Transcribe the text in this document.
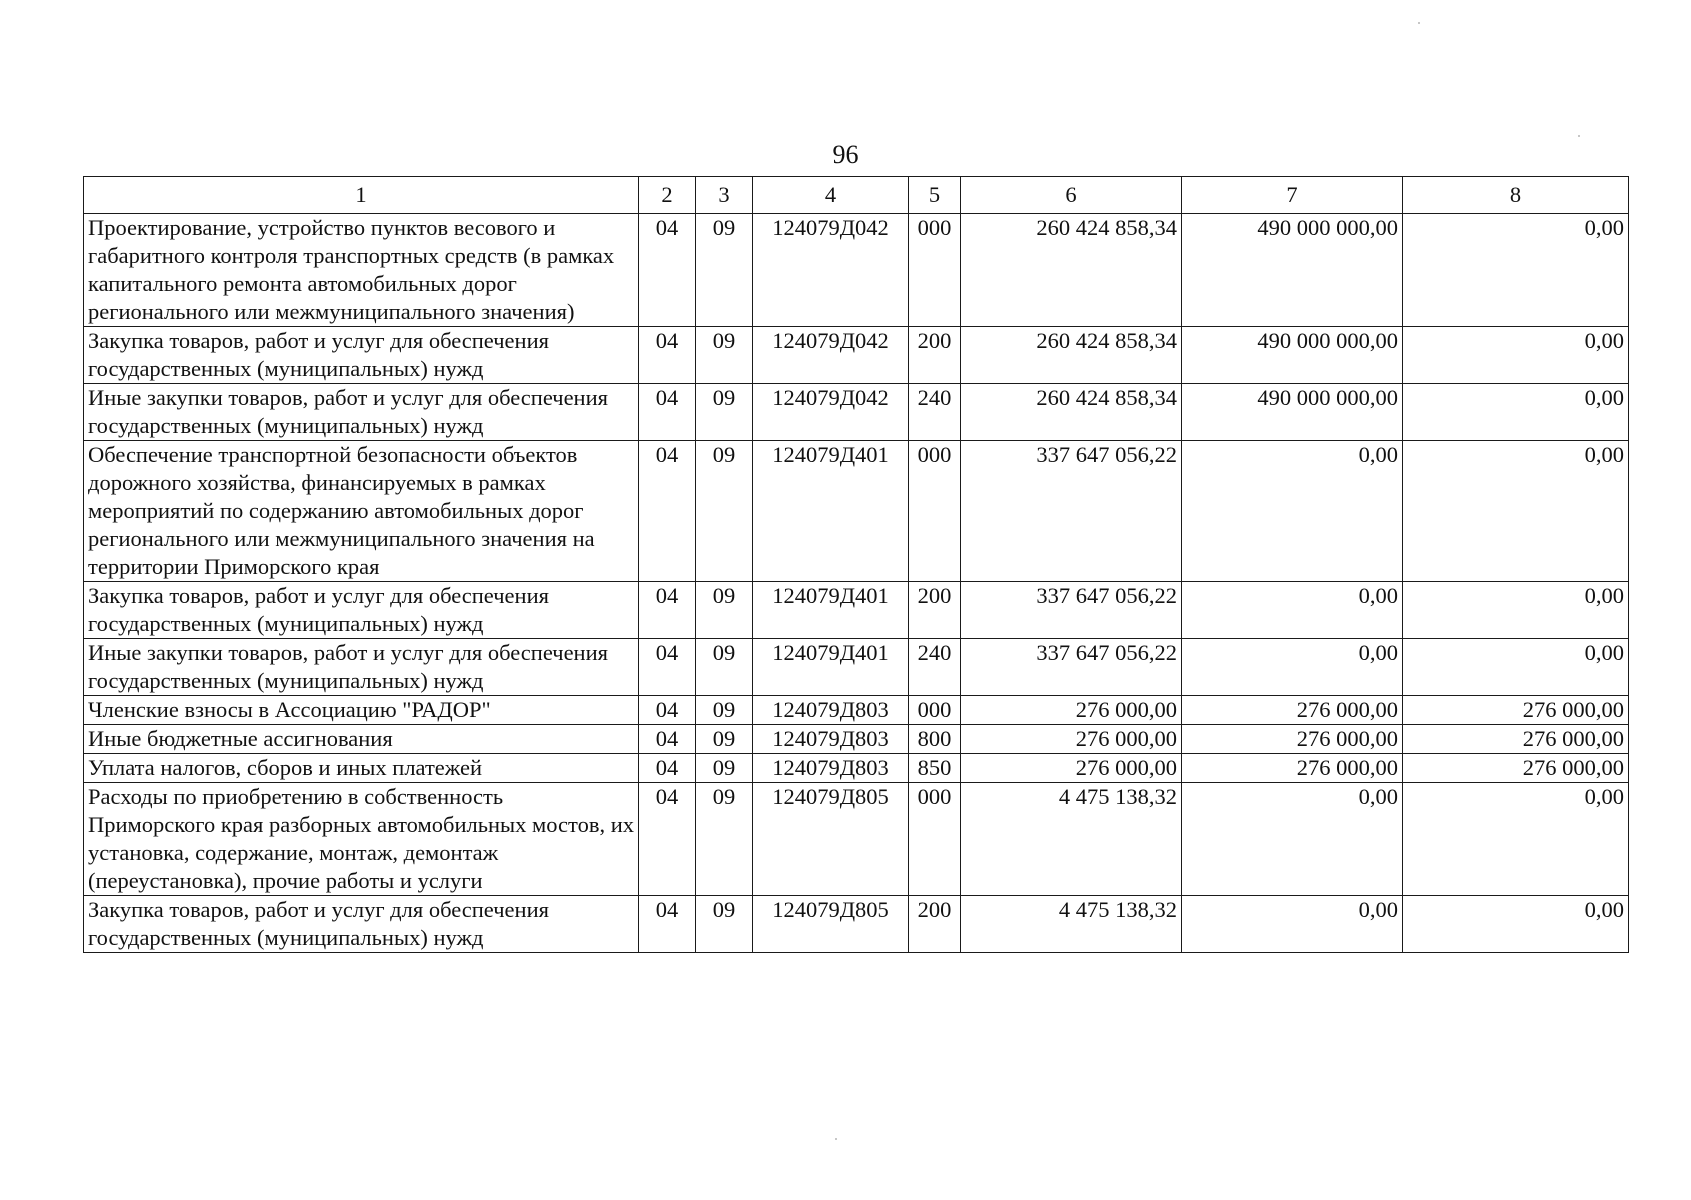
96
1	2	3	4	5	6	7	8
Проектирование, устройство пунктов весового и габаритного контроля транспортных средств (в рамках капитального ремонта автомобильных дорог регионального или межмуниципального значения)	04	09	124079Д042	000	260 424 858,34	490 000 000,00	0,00
Закупка товаров, работ и услуг для обеспечения государственных (муниципальных) нужд	04	09	124079Д042	200	260 424 858,34	490 000 000,00	0,00
Иные закупки товаров, работ и услуг для обеспечения государственных (муниципальных) нужд	04	09	124079Д042	240	260 424 858,34	490 000 000,00	0,00
Обеспечение транспортной безопасности объектов дорожного хозяйства, финансируемых в рамках мероприятий по содержанию автомобильных дорог регионального или межмуниципального значения на территории Приморского края	04	09	124079Д401	000	337 647 056,22	0,00	0,00
Закупка товаров, работ и услуг для обеспечения государственных (муниципальных) нужд	04	09	124079Д401	200	337 647 056,22	0,00	0,00
Иные закупки товаров, работ и услуг для обеспечения государственных (муниципальных) нужд	04	09	124079Д401	240	337 647 056,22	0,00	0,00
Членские взносы в Ассоциацию "РАДОР"	04	09	124079Д803	000	276 000,00	276 000,00	276 000,00
Иные бюджетные ассигнования	04	09	124079Д803	800	276 000,00	276 000,00	276 000,00
Уплата налогов, сборов и иных платежей	04	09	124079Д803	850	276 000,00	276 000,00	276 000,00
Расходы по приобретению в собственность Приморского края разборных автомобильных мостов, их установка, содержание, монтаж, демонтаж (переустановка), прочие работы и услуги	04	09	124079Д805	000	4 475 138,32	0,00	0,00
Закупка товаров, работ и услуг для обеспечения государственных (муниципальных) нужд	04	09	124079Д805	200	4 475 138,32	0,00	0,00
